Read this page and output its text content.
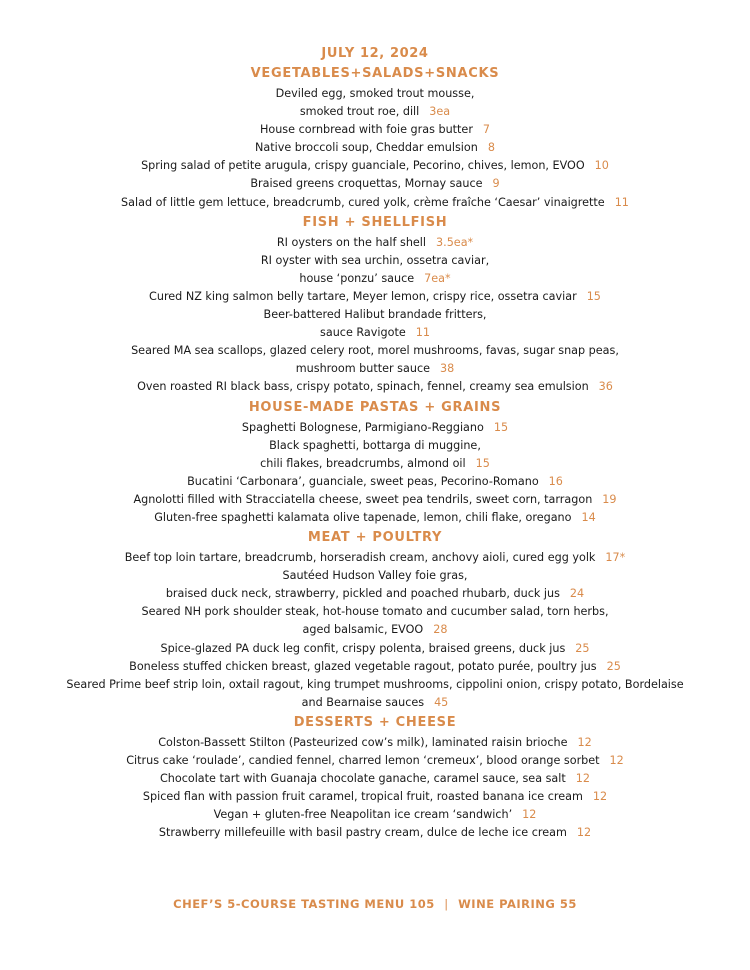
JULY 12, 2024

VEGETABLES+SALADS+SNACKS

Deviled egg, smoked trout mousse,
smoked trout roe, dill 3ea
House cornbread with foie gras butter 7
Native broccoli soup, Cheddar emulsion 8
Spring salad of petite arugula, crispy guanciale, Pecorino, chives, lemon, EVOO 10
Braised greens croquettas, Mornay sauce 9
Salad of little gem lettuce, breadcrumb, cured yolk, crème fraîche ‘Caesar’ vinaigrette 11

FISH + SHELLFISH

RI oysters on the half shell 3.5ea*
RI oyster with sea urchin, ossetra caviar,
house ‘ponzu’ sauce 7ea*
Cured NZ king salmon belly tartare, Meyer lemon, crispy rice, ossetra caviar 15
Beer-battered Halibut brandade fritters,
sauce Ravigote 11
Seared MA sea scallops, glazed celery root, morel mushrooms, favas, sugar snap peas,
mushroom butter sauce 38
Oven roasted RI black bass, crispy potato, spinach, fennel, creamy sea emulsion 36

HOUSE-MADE PASTAS + GRAINS

Spaghetti Bolognese, Parmigiano-Reggiano 15
Black spaghetti, bottarga di muggine,
chili flakes, breadcrumbs, almond oil 15
Bucatini ‘Carbonara’, guanciale, sweet peas, Pecorino-Romano 16
Agnolotti filled with Stracciatella cheese, sweet pea tendrils, sweet corn, tarragon 19
Gluten-free spaghetti kalamata olive tapenade, lemon, chili flake, oregano 14

MEAT + POULTRY

Beef top loin tartare, breadcrumb, horseradish cream, anchovy aioli, cured egg yolk 17*
Sautéed Hudson Valley foie gras,
braised duck neck, strawberry, pickled and poached rhubarb, duck jus 24
Seared NH pork shoulder steak, hot-house tomato and cucumber salad, torn herbs,
aged balsamic, EVOO 28
Spice-glazed PA duck leg confit, crispy polenta, braised greens, duck jus 25
Boneless stuffed chicken breast, glazed vegetable ragout, potato purée, poultry jus 25
Seared Prime beef strip loin, oxtail ragout, king trumpet mushrooms, cippolini onion, crispy potato, Bordelaise
and Bearnaise sauces 45

DESSERTS + CHEESE

Colston-Bassett Stilton (Pasteurized cow’s milk), laminated raisin brioche 12
Citrus cake ‘roulade’, candied fennel, charred lemon ‘cremeux’, blood orange sorbet 12
Chocolate tart with Guanaja chocolate ganache, caramel sauce, sea salt 12
Spiced flan with passion fruit caramel, tropical fruit, roasted banana ice cream 12
Vegan + gluten-free Neapolitan ice cream ‘sandwich’ 12
Strawberry millefeuille with basil pastry cream, dulce de leche ice cream 12
CHEF’S 5-COURSE TASTING MENU 105 | WINE PAIRING 55
